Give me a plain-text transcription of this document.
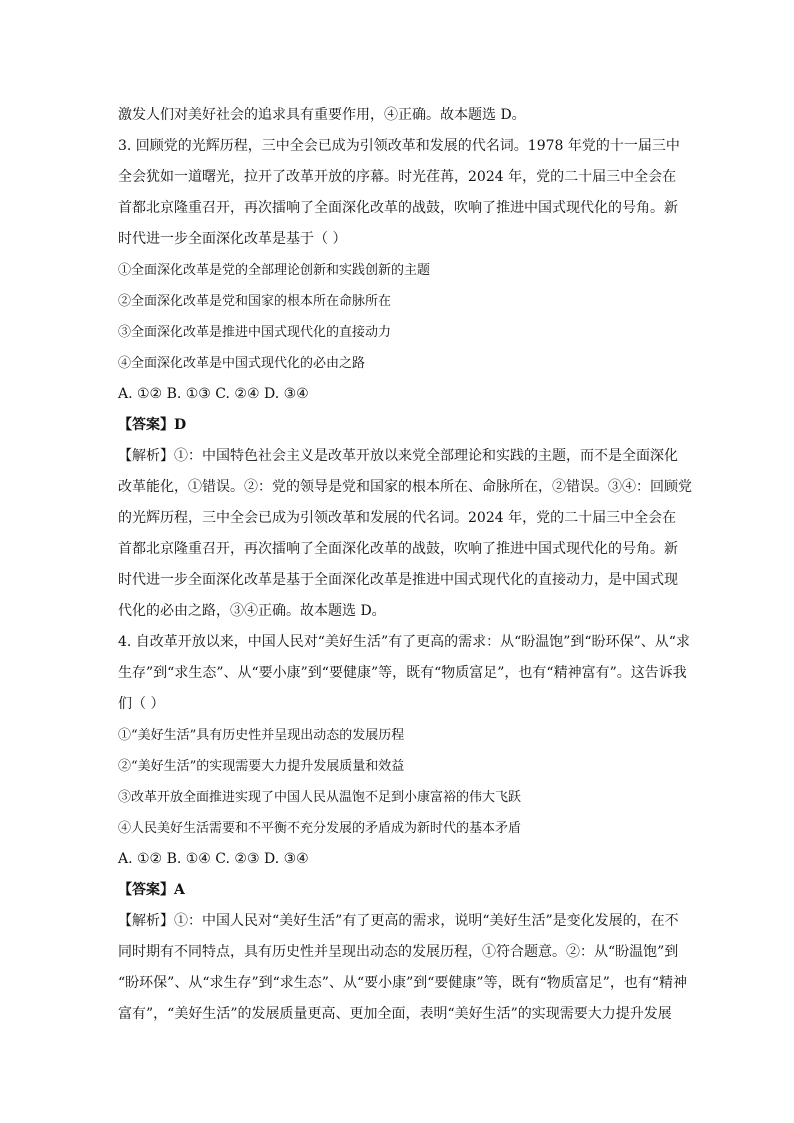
激发人们对美好社会的追求具有重要作用，④正确。故本题选 D。
3. 回顾党的光辉历程，三中全会已成为引领改革和发展的代名词。1978 年党的十一届三中
全会犹如一道曙光，拉开了改革开放的序幕。时光荏苒，2024 年，党的二十届三中全会在
首都北京隆重召开，再次擂响了全面深化改革的战鼓，吹响了推进中国式现代化的号角。新
时代进一步全面深化改革是基于（ ）
①全面深化改革是党的全部理论创新和实践创新的主题
②全面深化改革是党和国家的根本所在命脉所在
③全面深化改革是推进中国式现代化的直接动力
④全面深化改革是中国式现代化的必由之路
A. ①② B. ①③ C. ②④ D. ③④
【答案】D
【解析】①：中国特色社会主义是改革开放以来党全部理论和实践的主题，而不是全面深化
改革能化，①错误。②：党的领导是党和国家的根本所在、命脉所在，②错误。③④：回顾党
的光辉历程，三中全会已成为引领改革和发展的代名词。2024 年，党的二十届三中全会在
首都北京隆重召开，再次擂响了全面深化改革的战鼓，吹响了推进中国式现代化的号角。新
时代进一步全面深化改革是基于全面深化改革是推进中国式现代化的直接动力，是中国式现
代化的必由之路，③④正确。故本题选 D。
4. 自改革开放以来，中国人民对“美好生活”有了更高的需求：从“盼温饱”到“盼环保”、从“求
生存”到“求生态”、从“要小康”到“要健康”等，既有“物质富足”，也有“精神富有”。这告诉我
们（ ）
①“美好生活”具有历史性并呈现出动态的发展历程
②“美好生活”的实现需要大力提升发展质量和效益
③改革开放全面推进实现了中国人民从温饱不足到小康富裕的伟大飞跃
④人民美好生活需要和不平衡不充分发展的矛盾成为新时代的基本矛盾
A. ①② B. ①④ C. ②③ D. ③④
【答案】A
【解析】①：中国人民对“美好生活”有了更高的需求，说明“美好生活”是变化发展的，在不
同时期有不同特点，具有历史性并呈现出动态的发展历程，①符合题意。②：从“盼温饱”到
“盼环保”、从“求生存”到“求生态”、从“要小康”到“要健康”等，既有“物质富足”，也有“精神
富有”，“美好生活”的发展质量更高、更加全面，表明“美好生活”的实现需要大力提升发展
